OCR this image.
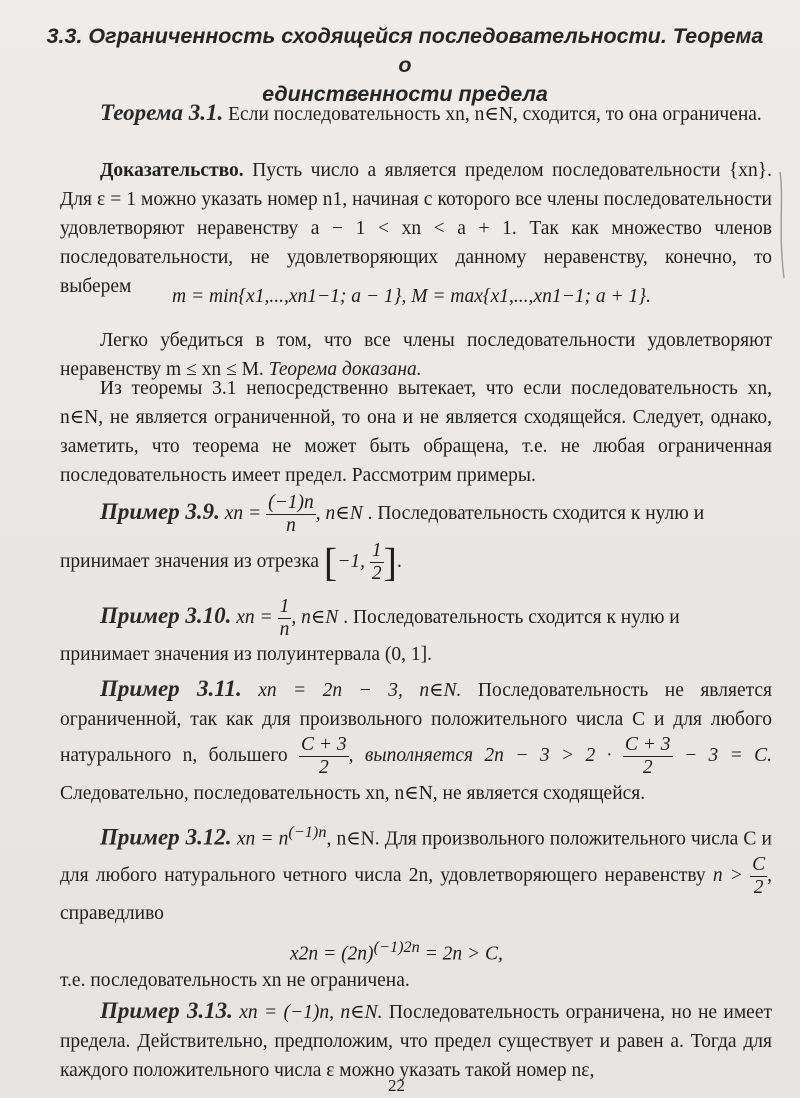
3.3. Ограниченность сходящейся последовательности. Теорема о
единственности предела
Теорема 3.1. Если последовательность xn, n∈N, сходится, то она ограничена.
Доказательство. Пусть число a является пределом последовательности {xn}. Для ε = 1 можно указать номер n1, начиная с которого все члены последовательности удовлетворяют неравенству a − 1 < xn < a + 1. Так как множество членов последовательности, не удовлетворяющих данному неравенству, конечно, то выберем	m = min{x1,...,xn1−1; a − 1}, M = max{x1,...,xn1−1; a + 1}.
Легко убедиться в том, что все члены последовательности удовлетворяют неравенству m ≤ xn ≤ M. Теорема доказана.
Из теоремы 3.1 непосредственно вытекает, что если последовательность xn, n∈N, не является ограниченной, то она и не является сходящейся. Следует, однако, заметить, что теорема не может быть обращена, т.е. не любая ограниченная последовательность имеет предел. Рассмотрим примеры.
Пример 3.9. xn = $\frac{(-1)n}{n}$ , n∈N . Последовательность сходится к нулю и
принимает значения из отрезка [−1, $\frac{1}{2}$ ].
Пример 3.10. xn = $\frac{1}{n}$ , n∈N . Последовательность сходится к нулю и
принимает значения из полуинтервала (0, 1].
Пример 3.11. xn = 2n − 3, n∈N. Последовательность не является ограниченной, так как для произвольного положительного числа C и для любого натурального n, большего $\frac{C + 3}{2}$ , выполняется $2n - 3 > 2 \cdot \frac{C + 3}{2} - 3 = C$. Следовательно, последовательность xn, n∈N, не является сходящейся.
Пример 3.12. xn = $n^{(-1)n}$, n∈N. Для произвольного положительного числа C и для любого натурального четного числа 2n, удовлетворяющего неравенству $n > \frac{C}{2}$ , справедливо
$x2n = (2n)^{(-1)2n} = 2n > C$,
т.е. последовательность xn не ограничена.
Пример 3.13. xn = (−1)n, n∈N. Последовательность ограничена, но не имеет предела. Действительно, предположим, что предел существует и равен a. Тогда для каждого положительного числа ε можно указать такой номер nε,
22
